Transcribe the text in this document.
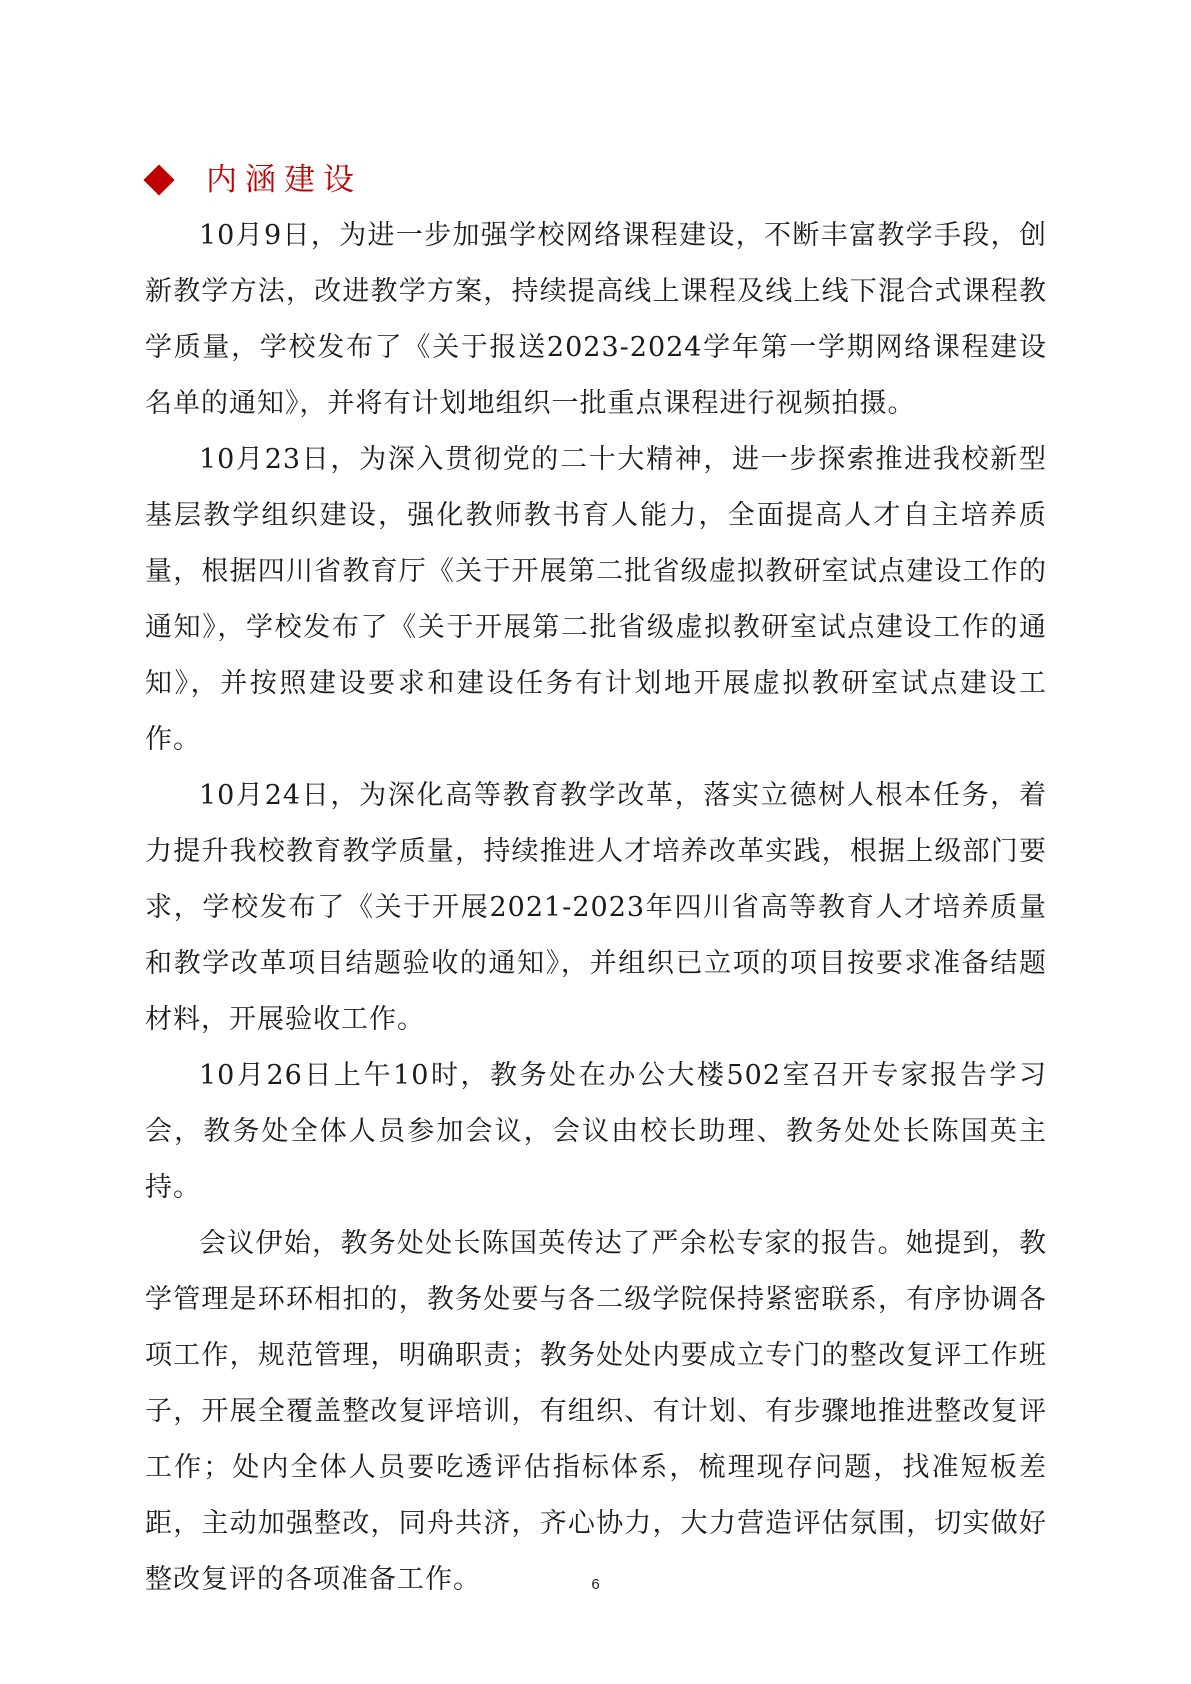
内涵建设

10月9日，为进一步加强学校网络课程建设，不断丰富教学手段，创新教学方法，改进教学方案，持续提高线上课程及线上线下混合式课程教学质量，学校发布了《关于报送2023-2024学年第一学期网络课程建设名单的通知》，并将有计划地组织一批重点课程进行视频拍摄。

10月23日，为深入贯彻党的二十大精神，进一步探索推进我校新型基层教学组织建设，强化教师教书育人能力，全面提高人才自主培养质量，根据四川省教育厅《关于开展第二批省级虚拟教研室试点建设工作的通知》，学校发布了《关于开展第二批省级虚拟教研室试点建设工作的通知》，并按照建设要求和建设任务有计划地开展虚拟教研室试点建设工作。

10月24日，为深化高等教育教学改革，落实立德树人根本任务，着力提升我校教育教学质量，持续推进人才培养改革实践，根据上级部门要求，学校发布了《关于开展2021-2023年四川省高等教育人才培养质量和教学改革项目结题验收的通知》，并组织已立项的项目按要求准备结题材料，开展验收工作。

10月26日上午10时，教务处在办公大楼502室召开专家报告学习会，教务处全体人员参加会议，会议由校长助理、教务处处长陈国英主持。

会议伊始，教务处处长陈国英传达了严余松专家的报告。她提到，教学管理是环环相扣的，教务处要与各二级学院保持紧密联系，有序协调各项工作，规范管理，明确职责；教务处处内要成立专门的整改复评工作班子，开展全覆盖整改复评培训，有组织、有计划、有步骤地推进整改复评工作；处内全体人员要吃透评估指标体系，梳理现存问题，找准短板差距，主动加强整改，同舟共济，齐心协力，大力营造评估氛围，切实做好整改复评的各项准备工作。	6
